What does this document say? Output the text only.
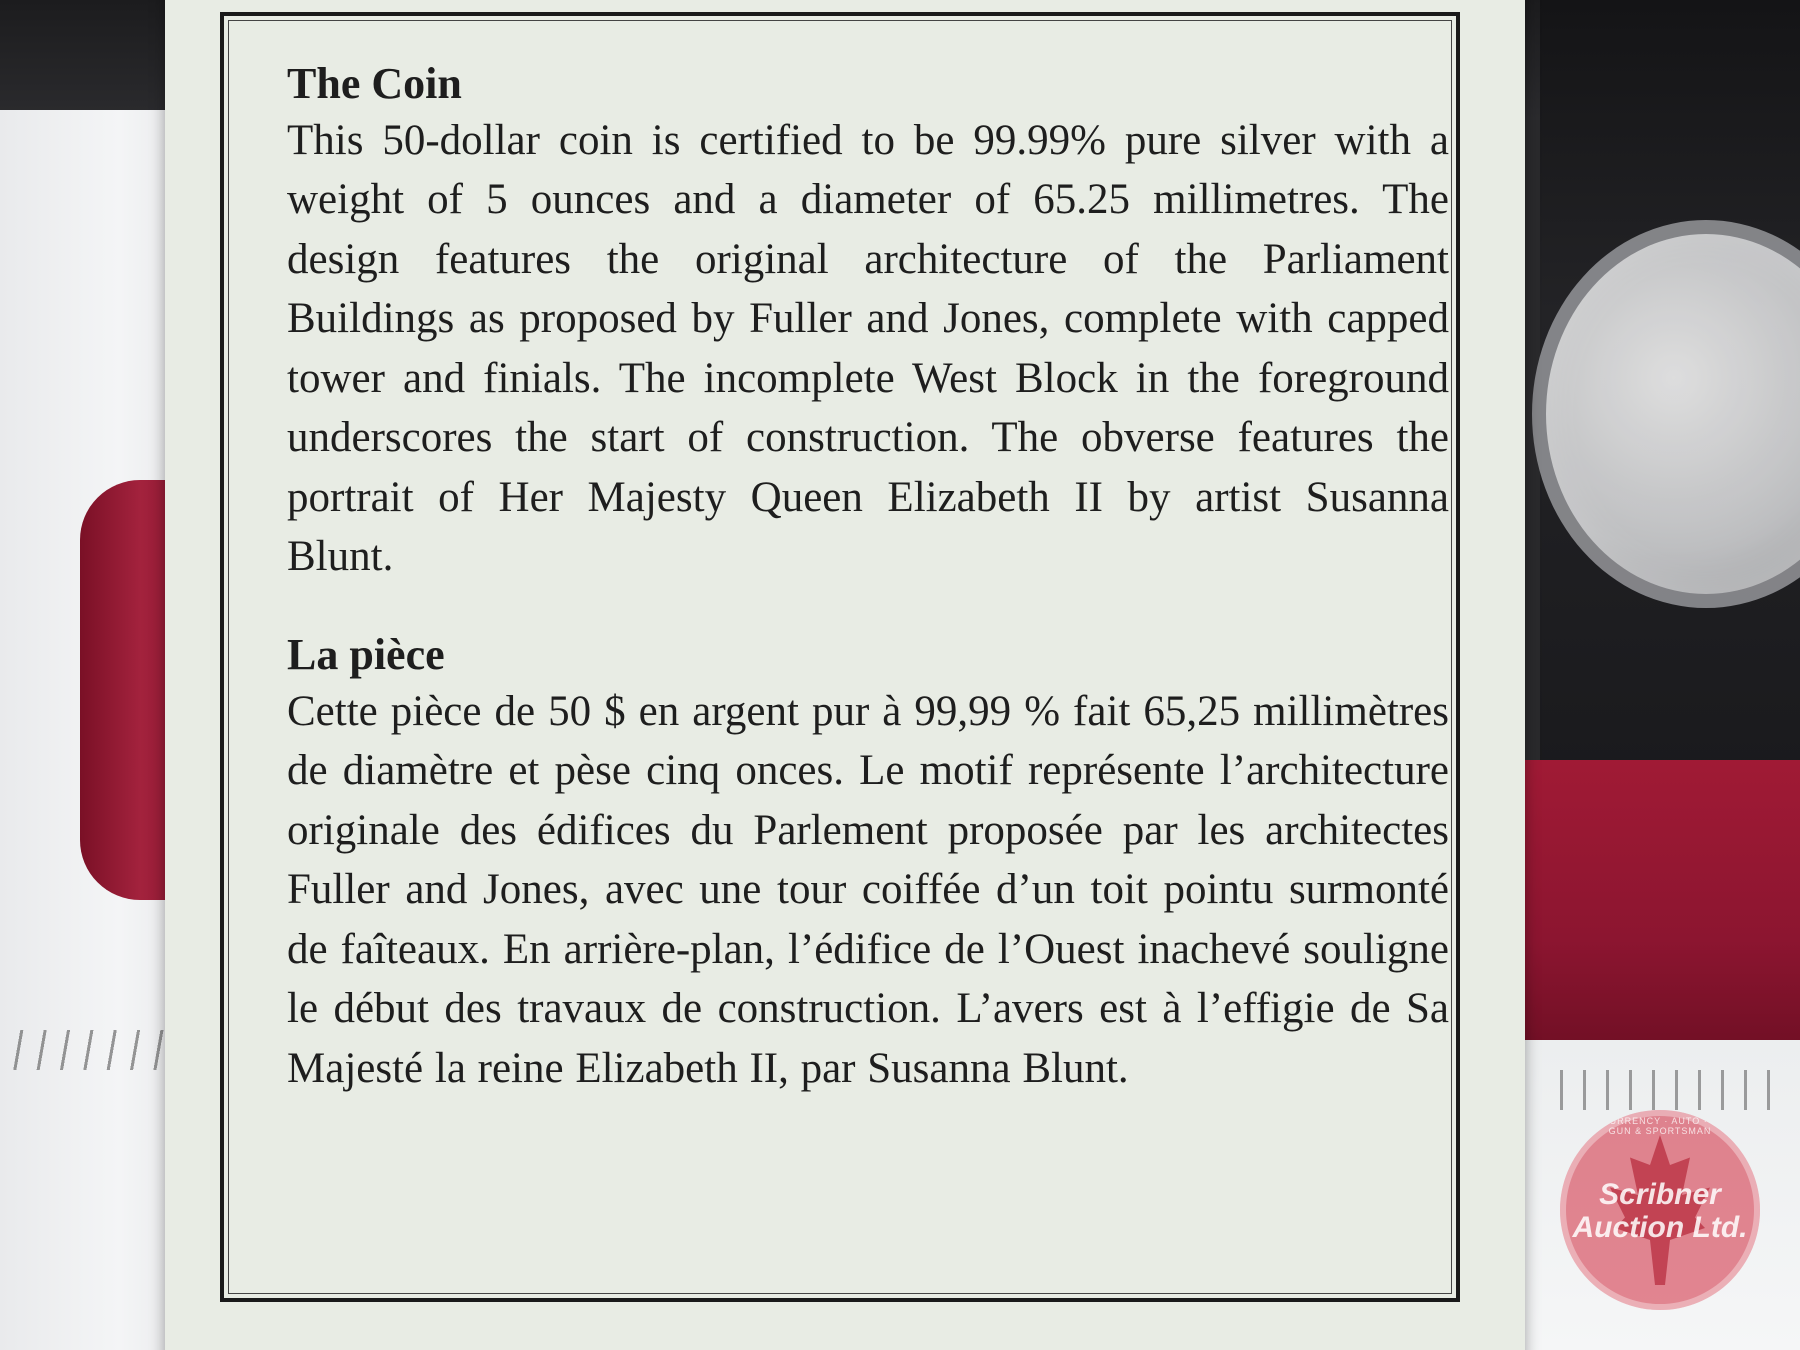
The Coin

This 50-dollar coin is certified to be 99.99% pure silver with a weight of 5 ounces and a diameter of 65.25 millimetres. The design features the original architecture of the Parliament Buildings as proposed by Fuller and Jones, complete with capped tower and finials. The incomplete West Block in the foreground underscores the start of construction. The obverse features the portrait of Her Majesty Queen Elizabeth II by artist Susanna Blunt.

La pièce

Cette pièce de 50 $ en argent pur à 99,99 % fait 65,25 millimètres de diamètre et pèse cinq onces. Le motif représente l’architecture originale des édifices du Parlement proposée par les architectes Fuller and Jones, avec une tour coiffée d’un toit pointu surmonté de faîteaux. En arrière-plan, l’édifice de l’Ouest inachevé souligne le début des travaux de construction. L’avers est à l’effigie de Sa Majesté la reine Elizabeth II, par Susanna Blunt.

COIN & CURRENCY · AUTO · ESTATE · GUN & SPORTSMAN
Scribner
Auction Ltd.
